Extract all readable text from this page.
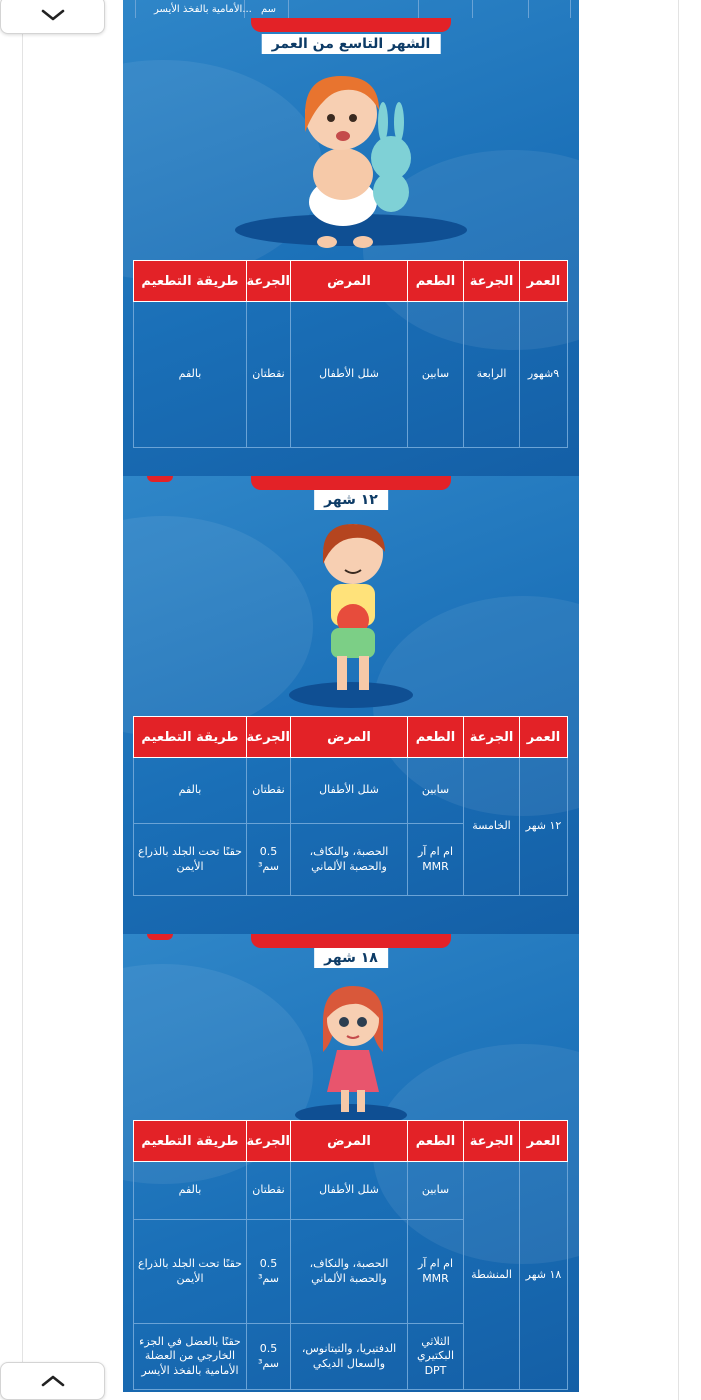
...الأمامية بالفخذ الأيسر سم
الشهر التاسع من العمر
العمر	الجرعة	الطعم	المرض	الجرعة	طريقة التطعيم
٩شهور	الرابعة	سابين	شلل الأطفال	نقطتان	بالفم
١٢ شهر
العمر	الجرعة	الطعم	المرض	الجرعة	طريقة التطعيم
١٢ شهر	الخامسة	سابين	شلل الأطفال	نقطتان	بالفم
		ام ام آر MMR	الحصبة، والنكاف، والحصبة الألماني	0.5 سم³	حقنًا تحت الجلد بالذراع الأيمن
١٨ شهر
العمر	الجرعة	الطعم	المرض	الجرعة	طريقة التطعيم
١٨ شهر	المنشطة	سابين	شلل الأطفال	نقطتان	بالفم
		ام ام آر MMR	الحصبة، والنكاف، والحصبة الألماني	0.5 سم³	حقنًا تحت الجلد بالذراع الأيمن
		الثلاثي البكتيري DPT	الدفتيريا، والتيتانوس، والسعال الديكي	0.5 سم³	حقنًا بالعضل في الجزء الخارجي من العضلة الأمامية بالفخذ الأيسر
